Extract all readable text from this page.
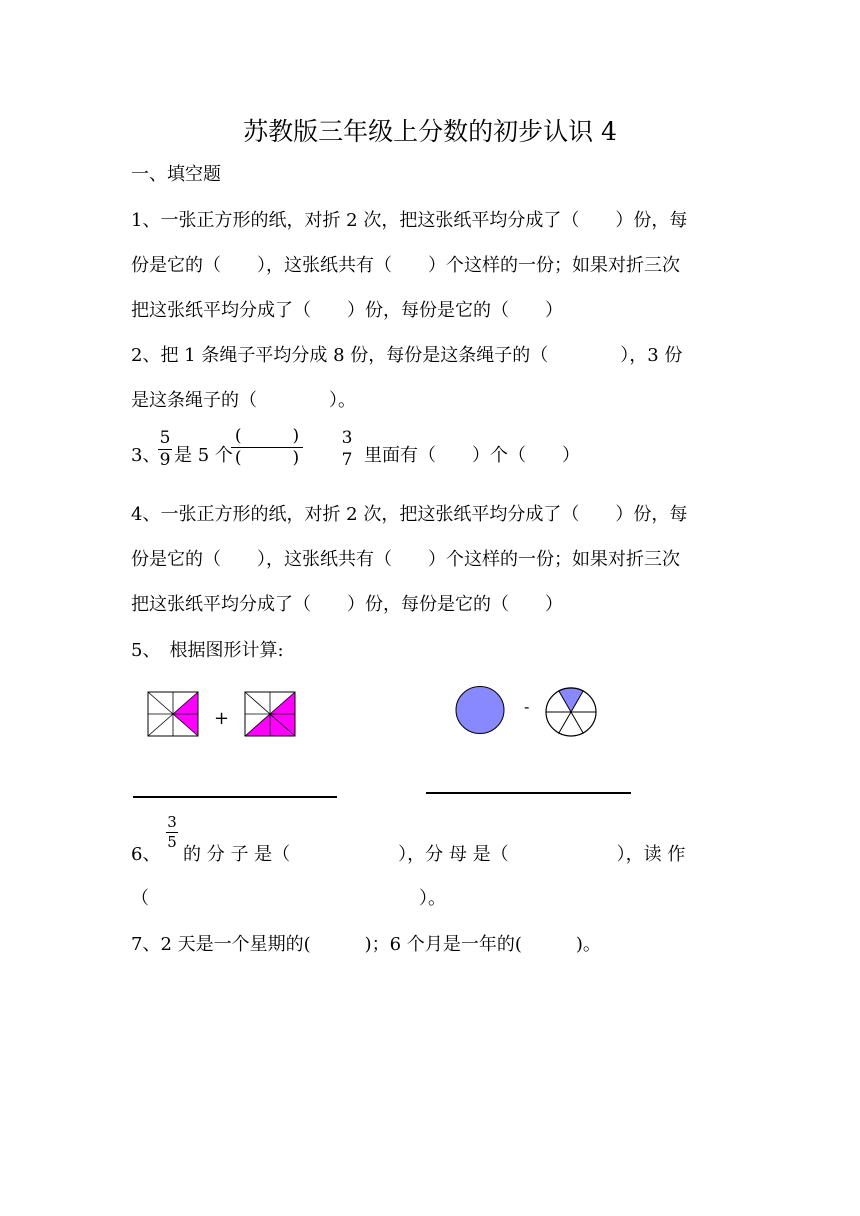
苏教版三年级上分数的初步认识 4
一、填空题
1、一张正方形的纸，对折 2 次，把这张纸平均分成了（　　）份，每
份是它的（　　），这张纸共有（　　）个这样的一份；如果对折三次
把这张纸平均分成了（　　）份，每份是它的（　　）
2、把 1 条绳子平均分成 8 份，每份是这条绳子的（　　　　），3 份
是这条绳子的（　　　　）。
3、
5
9 是 5 个
(　　　)
(　　　)
3
7 里面有（　　）个（　　）
4、一张正方形的纸，对折 2 次，把这张纸平均分成了（　　）份，每
份是它的（　　），这张纸共有（　　）个这样的一份；如果对折三次
把这张纸平均分成了（　　）份，每份是它的（　　）
5、　根据图形计算:
+
-
6、
3
5
的 分 子 是（　　　　　　），分 母 是（　　　　　　），读 作
（　　　　　　　　　　　　　　　）。
7、2 天是一个星期的(　　　)；6 个月是一年的(　　　)。
